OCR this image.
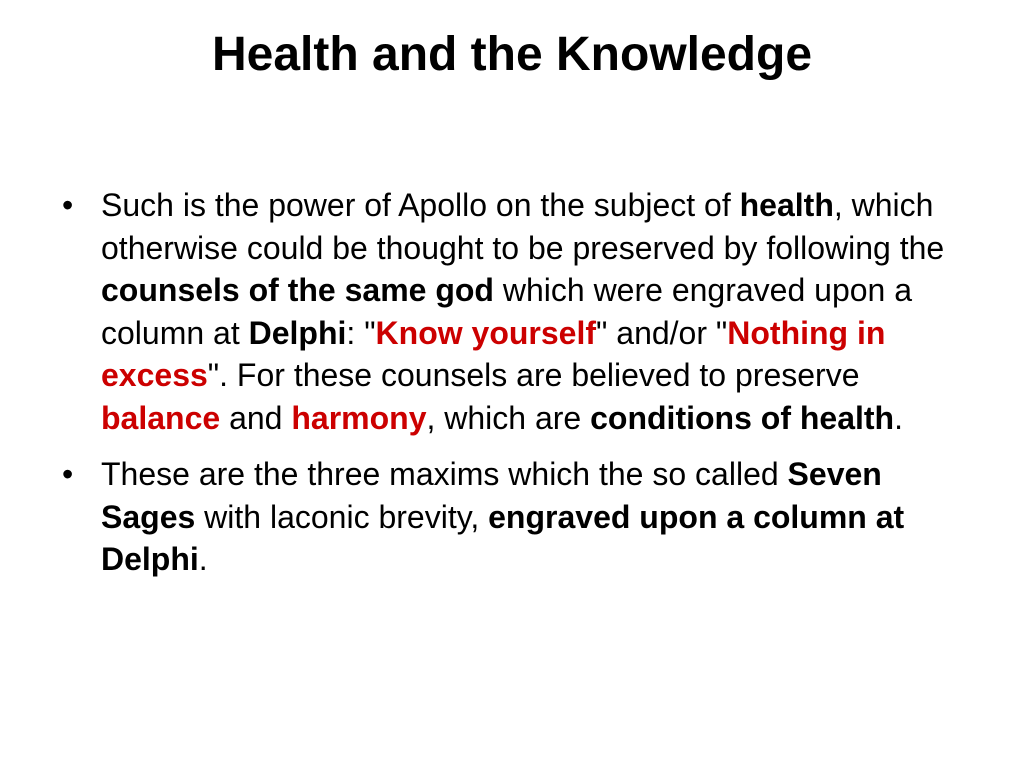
Health and the Knowledge
• Such is the power of Apollo on the subject of health, which otherwise could be thought to be preserved by following the counsels of the same god which were engraved upon a column at Delphi: "Know yourself" and/or "Nothing in excess". For these counsels are believed to preserve balance and harmony, which are conditions of health.
• These are the three maxims which the so called Seven Sages with laconic brevity, engraved upon a column at Delphi.
